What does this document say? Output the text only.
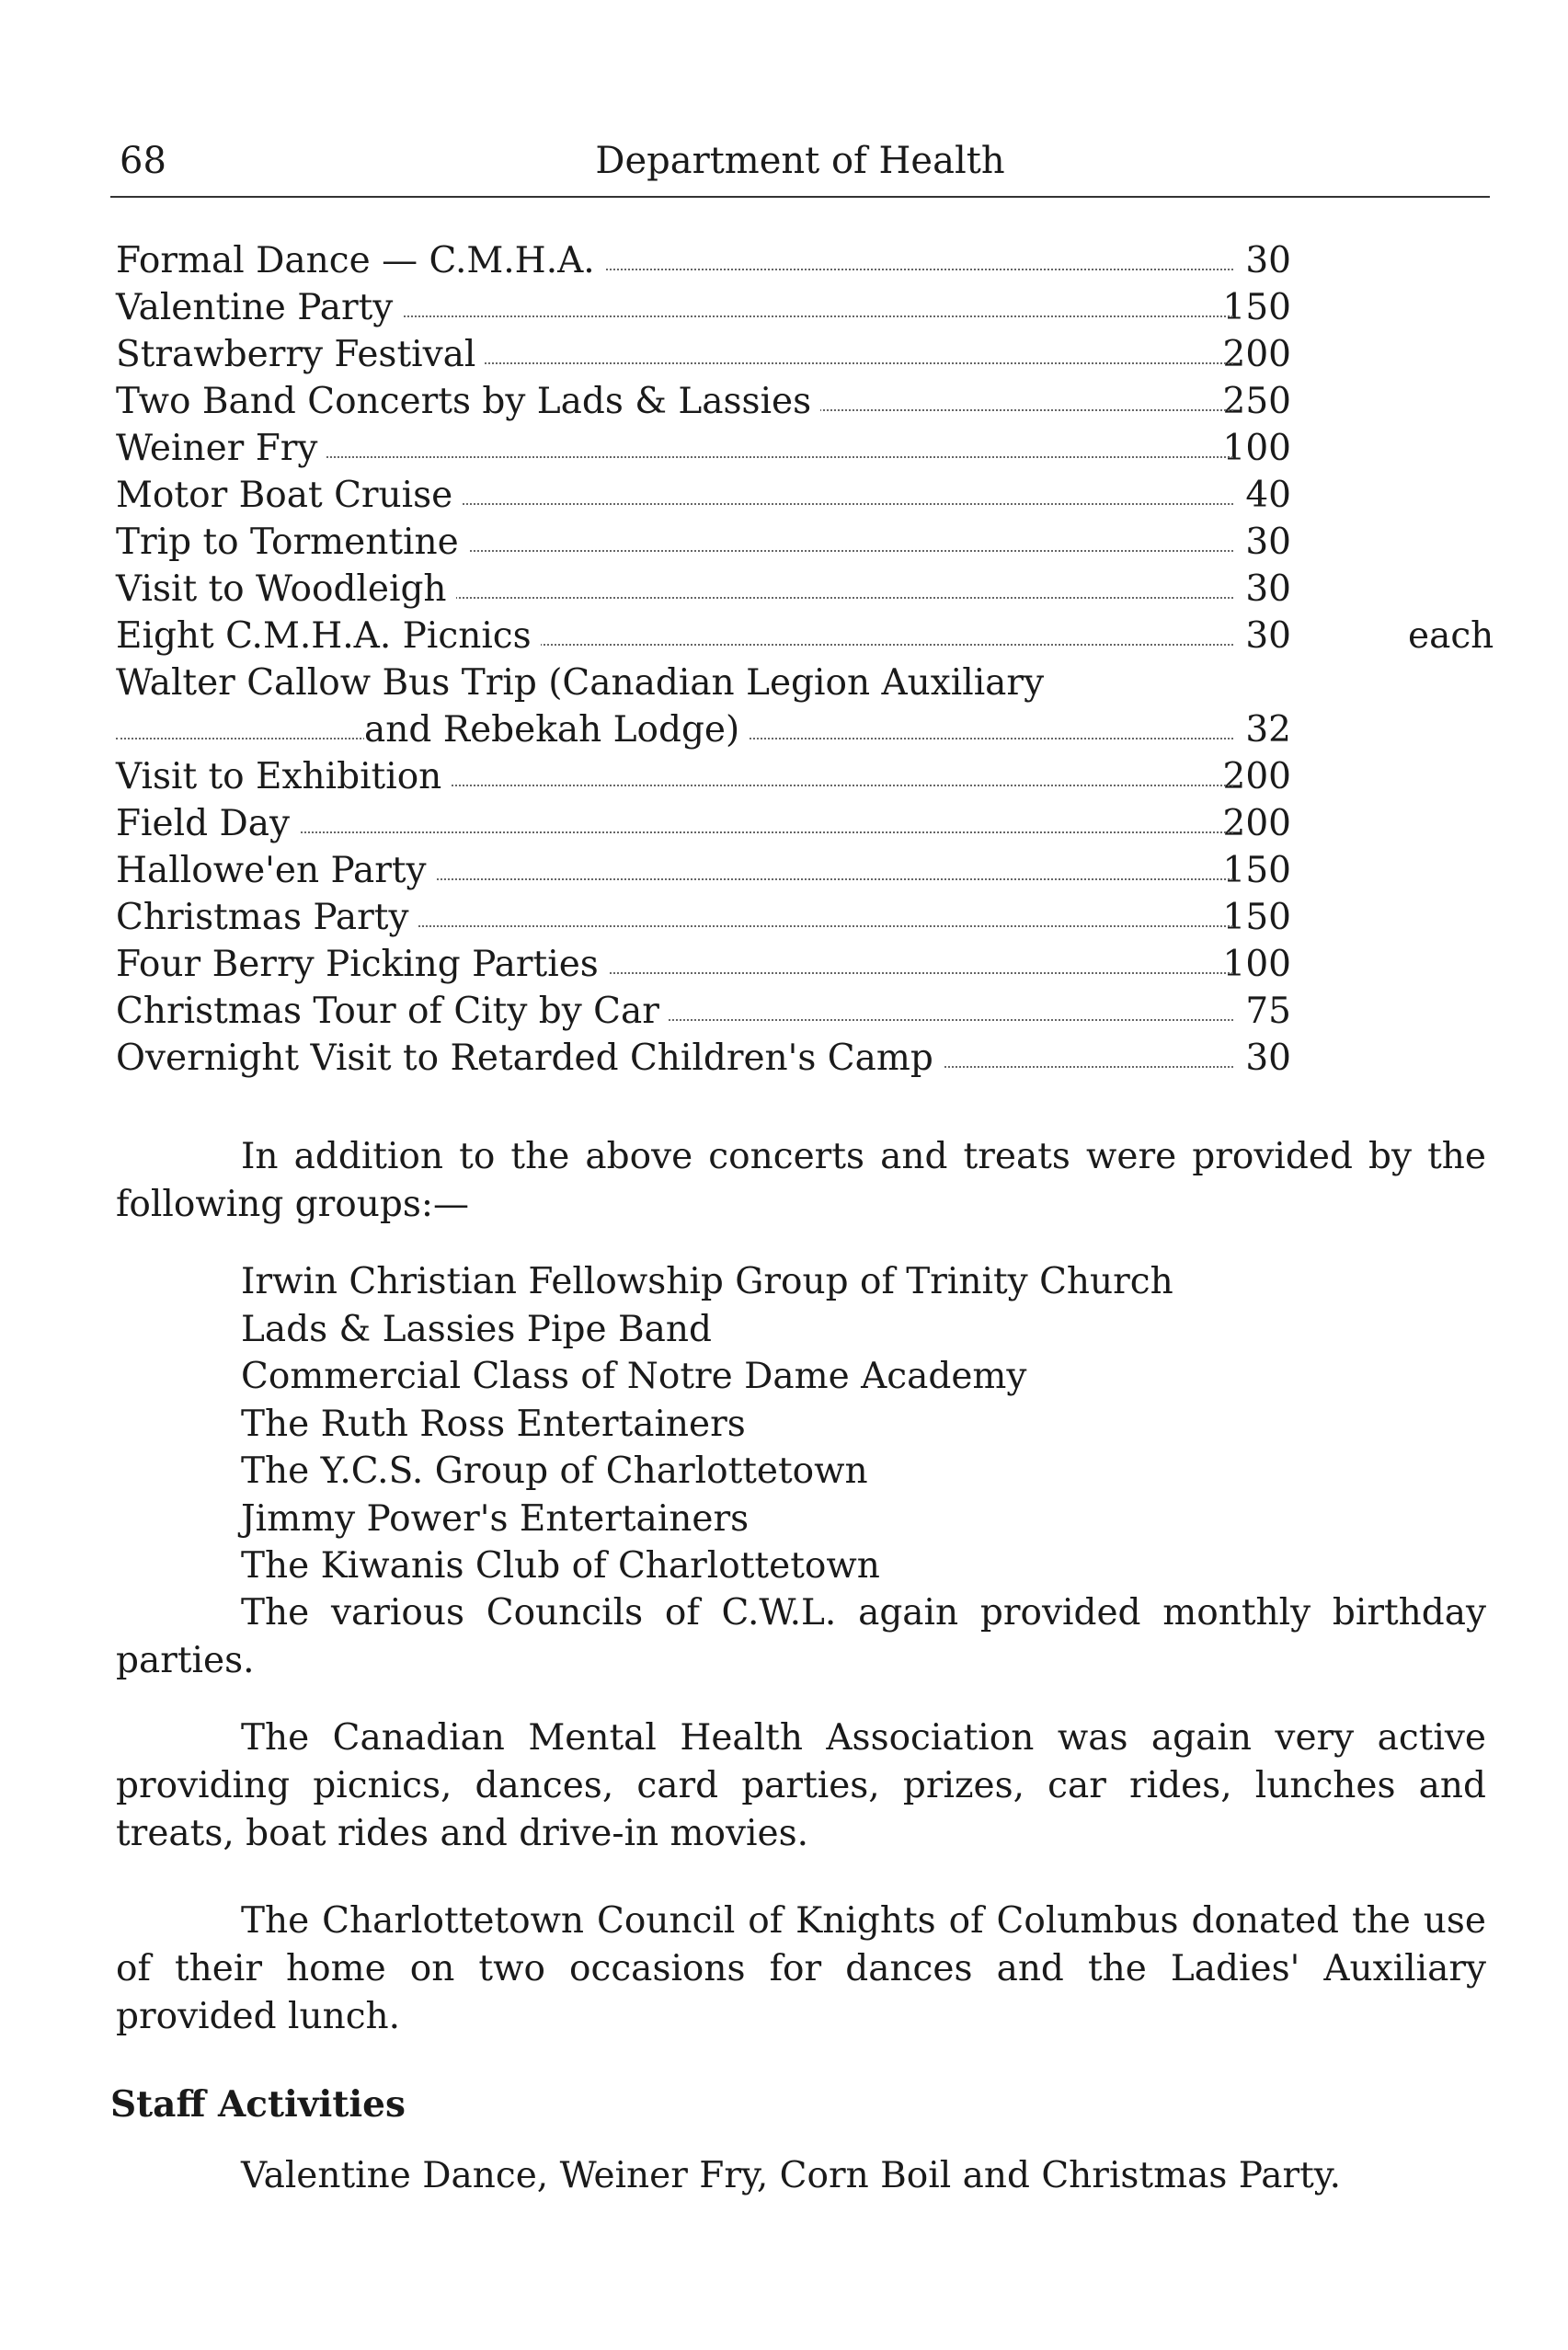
68	Department of Health
Formal Dance — C.M.H.A.	30
Valentine Party	150
Strawberry Festival	200
Two Band Concerts by Lads & Lassies	250
Weiner Fry	100
Motor Boat Cruise	40
Trip to Tormentine	30
Visit to Woodleigh	30
Eight C.M.H.A. Picnics	30	each
Walter Callow Bus Trip (Canadian Legion Auxiliary
and Rebekah Lodge)	32
Visit to Exhibition	200
Field Day	200
Hallowe'en Party	150
Christmas Party	150
Four Berry Picking Parties	100
Christmas Tour of City by Car	75
Overnight Visit to Retarded Children's Camp	30
In addition to the above concerts and treats were provided by the following groups:—
Irwin Christian Fellowship Group of Trinity Church
Lads & Lassies Pipe Band
Commercial Class of Notre Dame Academy
The Ruth Ross Entertainers
The Y.C.S. Group of Charlottetown
Jimmy Power's Entertainers
The Kiwanis Club of Charlottetown
The various Councils of C.W.L. again provided monthly birthday parties.
The Canadian Mental Health Association was again very active providing picnics, dances, card parties, prizes, car rides, lunches and treats, boat rides and drive-in movies.
The Charlottetown Council of Knights of Columbus donated the use of their home on two occasions for dances and the Ladies' Auxiliary provided lunch.
Staff Activities
Valentine Dance, Weiner Fry, Corn Boil and Christmas Party.
